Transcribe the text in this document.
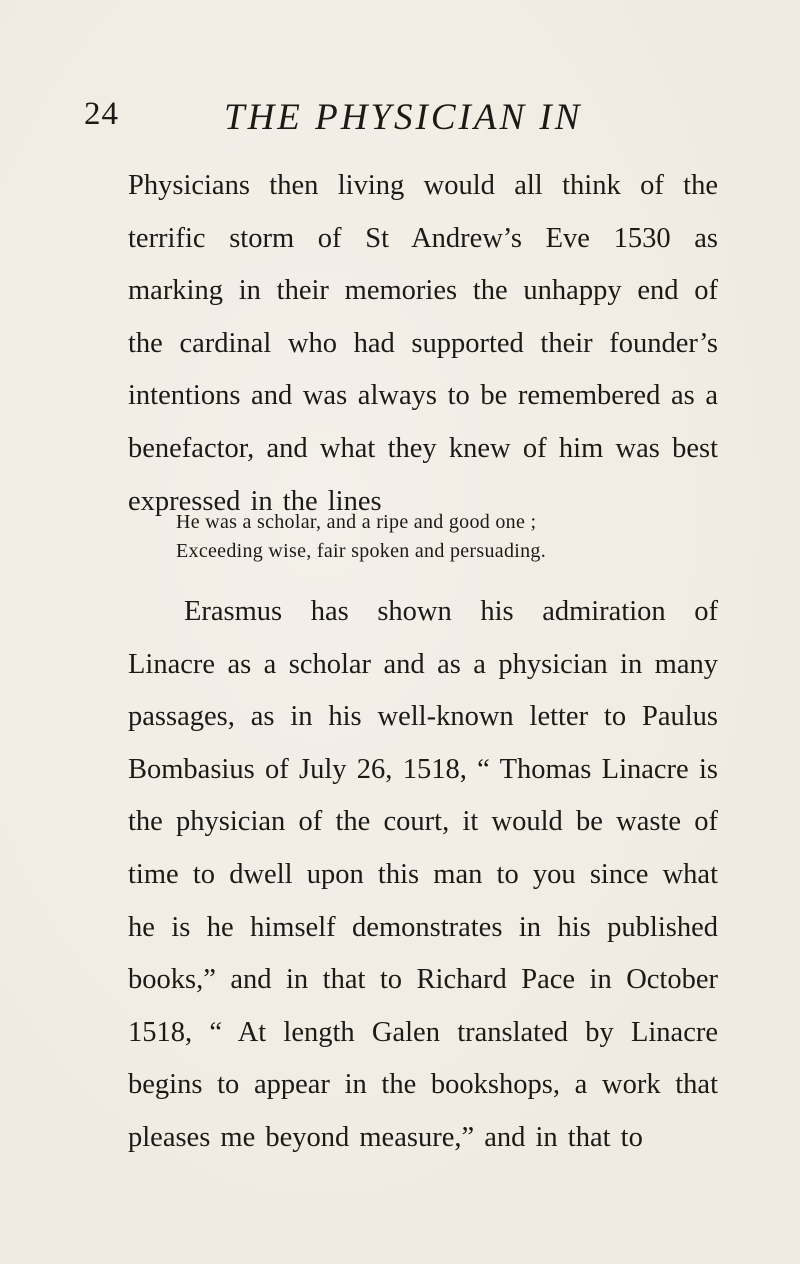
24	THE PHYSICIAN IN

Physicians then living would all think of the terrific storm of St Andrew’s Eve 1530 as marking in their memories the unhappy end of the cardinal who had supported their founder’s intentions and was always to be remembered as a benefactor, and what they knew of him was best expressed in the lines

He was a scholar, and a ripe and good one ;
Exceeding wise, fair spoken and persuading.

Erasmus has shown his admiration of Linacre as a scholar and as a physician in many passages, as in his well-known letter to Paulus Bombasius of July 26, 1518, “ Thomas Linacre is the physician of the court, it would be waste of time to dwell upon this man to you since what he is he himself demonstrates in his published books,” and in that to Richard Pace in October 1518, “ At length Galen translated by Linacre begins to appear in the bookshops, a work that pleases me beyond measure,” and in that to
